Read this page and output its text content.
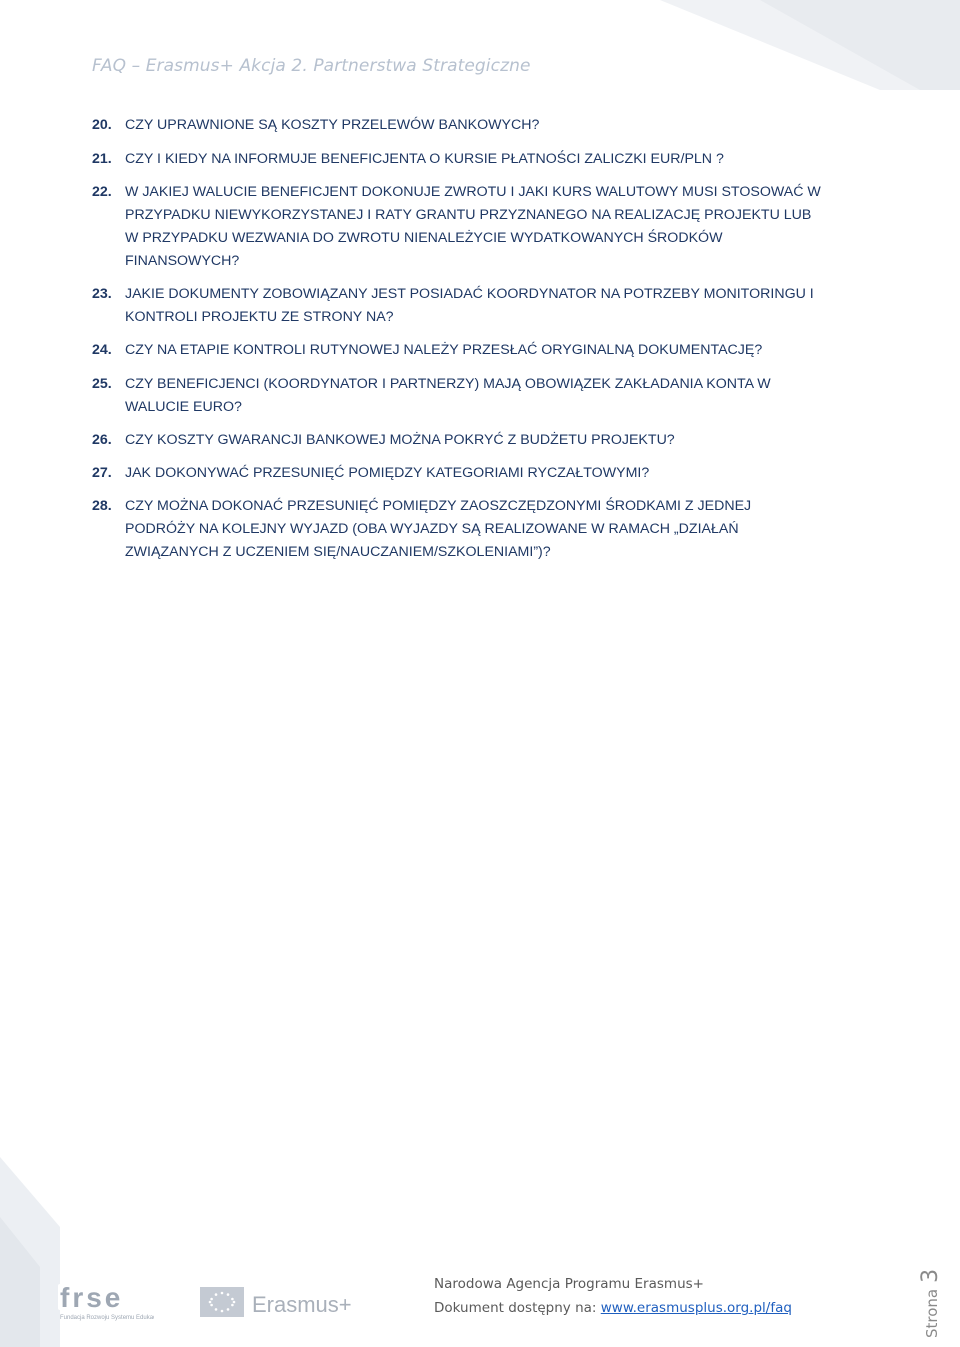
FAQ – Erasmus+ Akcja 2. Partnerstwa Strategiczne
20. CZY UPRAWNIONE SĄ KOSZTY PRZELEWÓW BANKOWYCH?
21. CZY I KIEDY NA INFORMUJE BENEFICJENTA O KURSIE PŁATNOŚCI ZALICZKI EUR/PLN ?
22. W JAKIEJ WALUCIE BENEFICJENT DOKONUJE ZWROTU I JAKI KURS WALUTOWY MUSI STOSOWAĆ W PRZYPADKU NIEWYKORZYSTANEJ I RATY GRANTU PRZYZNANEGO NA REALIZACJĘ PROJEKTU LUB W PRZYPADKU WEZWANIA DO ZWROTU NIENALEŻYCIE WYDATKOWANYCH ŚRODKÓW FINANSOWYCH?
23. JAKIE DOKUMENTY ZOBOWIĄZANY JEST POSIADAĆ KOORDYNATOR NA POTRZEBY MONITORINGU I KONTROLI PROJEKTU ZE STRONY NA?
24. CZY NA ETAPIE KONTROLI RUTYNOWEJ NALEŻY PRZESŁAĆ ORYGINALNĄ DOKUMENTACJĘ?
25. CZY BENEFICJENCI (KOORDYNATOR I PARTNERZY) MAJĄ OBOWIĄZEK ZAKŁADANIA KONTA W WALUCIE EURO?
26. CZY KOSZTY GWARANCJI BANKOWEJ MOŻNA POKRYĆ Z BUDŻETU PROJEKTU?
27. JAK DOKONYWAĆ PRZESUNIĘĆ POMIĘDZY KATEGORIAMI RYCZAŁTOWYMI?
28. CZY MOŻNA DOKONAĆ PRZESUNIĘĆ POMIĘDZY ZAOSZCZĘDZONYMI ŚRODKAMI Z JEDNEJ PODRÓŻY NA KOLEJNY WYJAZD (OBA WYJAZDY SĄ REALIZOWANE W RAMACH „DZIAŁAŃ ZWIĄZANYCH Z UCZENIEM SIĘ/NAUCZANIEM/SZKOLENIAMI”)?
frse
Fundacja Rozwoju Systemu Edukacji
Erasmus+
Narodowa Agencja Programu Erasmus+
Dokument dostępny na: www.erasmusplus.org.pl/faq	Strona3
